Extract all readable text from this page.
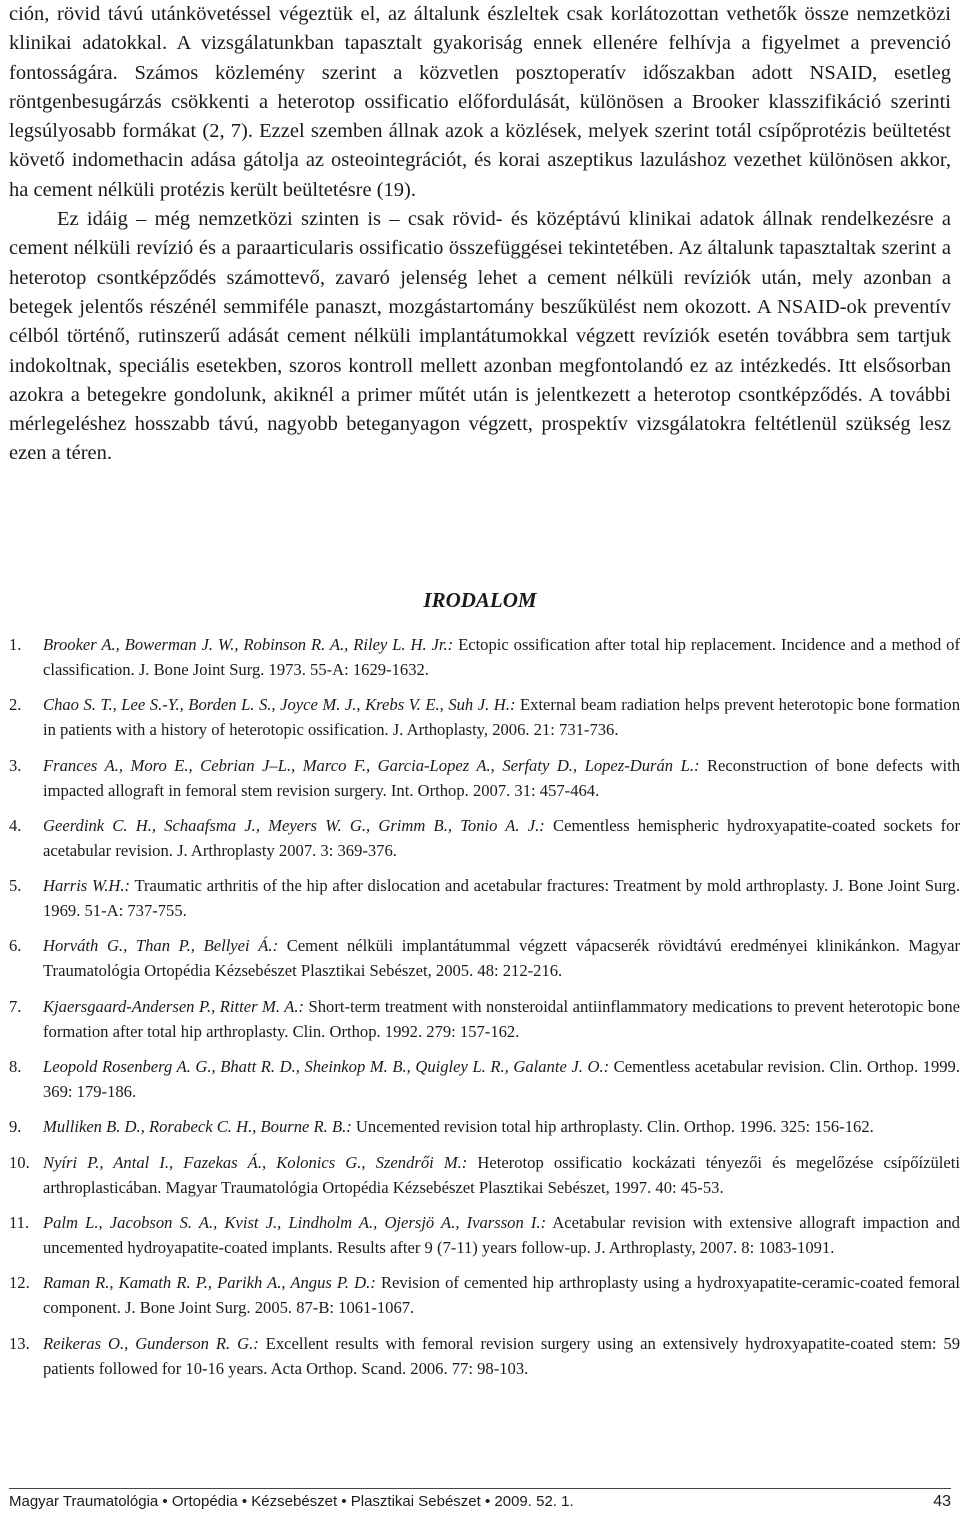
ción, rövid távú utánkövetéssel végeztük el, az általunk észleltek csak korlátozottan vethetők össze nemzetközi klinikai adatokkal. A vizsgálatunkban tapasztalt gyakoriság ennek ellenére felhívja a figyelmet a prevenció fontosságára. Számos közlemény szerint a közvetlen posztoperatív időszakban adott NSAID, esetleg röntgenbesugárzás csökkenti a heterotop ossificatio előfordulását, különösen a Brooker klasszifikáció szerinti legsúlyosabb formákat (2, 7). Ezzel szemben állnak azok a közlések, melyek szerint totál csípőprotézis beültetést követő indomethacin adása gátolja az osteointegrációt, és korai aszeptikus lazuláshoz vezethet különösen akkor, ha cement nélküli protézis került beültetésre (19).

Ez idáig – még nemzetközi szinten is – csak rövid- és középtávú klinikai adatok állnak rendelkezésre a cement nélküli revízió és a paraarticularis ossificatio összefüggései tekintetében. Az általunk tapasztaltak szerint a heterotop csontképződés számottevő, zavaró jelenség lehet a cement nélküli revíziók után, mely azonban a betegek jelentős részénél semmiféle panaszt, mozgástartomány beszűkülést nem okozott. A NSAID-ok preventív célból történő, rutinszerű adását cement nélküli implantátumokkal végzett revíziók esetén továbbra sem tartjuk indokoltnak, speciális esetekben, szoros kontroll mellett azonban megfontolandó ez az intézkedés. Itt elsősorban azokra a betegekre gondolunk, akiknél a primer műtét után is jelentkezett a heterotop csontképződés. A további mérlegeléshez hosszabb távú, nagyobb beteganyagon végzett, prospektív vizsgálatokra feltétlenül szükség lesz ezen a téren.

IRODALOM
1.	Brooker A., Bowerman J. W., Robinson R. A., Riley L. H. Jr.: Ectopic ossification after total hip replacement. Incidence and a method of classification. J. Bone Joint Surg. 1973. 55-A: 1629-1632.
2.	Chao S. T., Lee S.-Y., Borden L. S., Joyce M. J., Krebs V. E., Suh J. H.: External beam radiation helps prevent heterotopic bone formation in patients with a history of heterotopic ossification. J. Arthoplasty, 2006. 21: 731-736.
3.	Frances A., Moro E., Cebrian J–L., Marco F., Garcia-Lopez A., Serfaty D., Lopez-Durán L.: Reconstruction of bone defects with impacted allograft in femoral stem revision surgery. Int. Orthop. 2007. 31: 457-464.
4.	Geerdink C. H., Schaafsma J., Meyers W. G., Grimm B., Tonio A. J.: Cementless hemispheric hydroxyapatite-coated sockets for acetabular revision. J. Arthroplasty 2007. 3: 369-376.
5.	Harris W.H.: Traumatic arthritis of the hip after dislocation and acetabular fractures: Treatment by mold arthroplasty. J. Bone Joint Surg. 1969. 51-A: 737-755.
6.	Horváth G., Than P., Bellyei Á.: Cement nélküli implantátummal végzett vápacserék rövidtávú eredményei klinikánkon. Magyar Traumatológia Ortopédia Kézsebészet Plasztikai Sebészet, 2005. 48: 212-216.
7.	Kjaersgaard-Andersen P., Ritter M. A.: Short-term treatment with nonsteroidal antiinflammatory medications to prevent heterotopic bone formation after total hip arthroplasty. Clin. Orthop. 1992. 279: 157-162.
8.	Leopold Rosenberg A. G., Bhatt R. D., Sheinkop M. B., Quigley L. R., Galante J. O.: Cementless acetabular revision. Clin. Orthop. 1999. 369: 179-186.
9.	Mulliken B. D., Rorabeck C. H., Bourne R. B.: Uncemented revision total hip arthroplasty. Clin. Orthop. 1996. 325: 156-162.
10. Nyíri P., Antal I., Fazekas Á., Kolonics G., Szendrői M.: Heterotop ossificatio kockázati tényezői és megelőzése csípőízületi arthroplasticában. Magyar Traumatológia Ortopédia Kézsebészet Plasztikai Sebészet, 1997. 40: 45-53.
11. Palm L., Jacobson S. A., Kvist J., Lindholm A., Ojersjö A., Ivarsson I.: Acetabular revision with extensive allograft impaction and uncemented hydroyapatite-coated implants. Results after 9 (7-11) years follow-up. J. Arthroplasty, 2007. 8: 1083-1091.
12. Raman R., Kamath R. P., Parikh A., Angus P. D.: Revision of cemented hip arthroplasty using a hydroxyapatite-ceramic-coated femoral component. J. Bone Joint Surg. 2005. 87-B: 1061-1067.
13. Reikeras O., Gunderson R. G.: Excellent results with femoral revision surgery using an extensively hydroxyapatite-coated stem: 59 patients followed for 10-16 years. Acta Orthop. Scand. 2006. 77: 98-103.
Magyar Traumatológia • Ortopédia • Kézsebészet • Plasztikai Sebészet • 2009. 52. 1.	43
